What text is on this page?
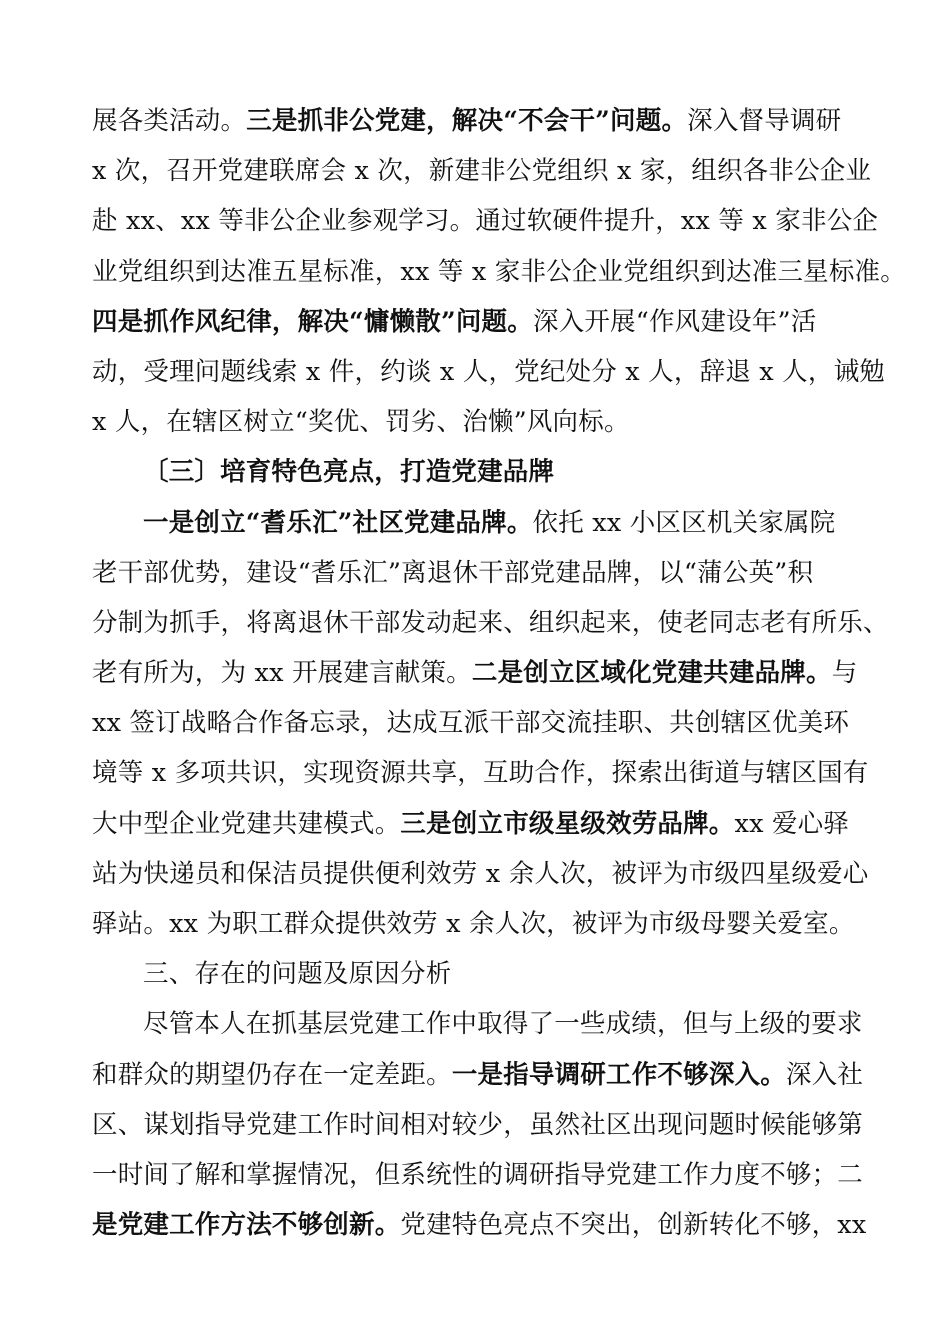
展各类活动。三是抓非公党建，解决“不会干”问题。深入督导调研
x 次，召开党建联席会 x 次，新建非公党组织 x 家，组织各非公企业
赴 xx、xx 等非公企业参观学习。通过软硬件提升，xx 等 x 家非公企
业党组织到达准五星标准，xx 等 x 家非公企业党组织到达准三星标准。
四是抓作风纪律，解决“慵懒散”问题。深入开展“作风建设年”活
动，受理问题线索 x 件，约谈 x 人，党纪处分 x 人，辞退 x 人，诫勉
x 人，在辖区树立“奖优、罚劣、治懒”风向标。
〔三〕培育特色亮点，打造党建品牌
一是创立“耆乐汇”社区党建品牌。依托 xx 小区区机关家属院
老干部优势，建设“耆乐汇”离退休干部党建品牌，以“蒲公英”积
分制为抓手，将离退休干部发动起来、组织起来，使老同志老有所乐、
老有所为，为 xx 开展建言献策。二是创立区域化党建共建品牌。与
xx 签订战略合作备忘录，达成互派干部交流挂职、共创辖区优美环
境等 x 多项共识，实现资源共享，互助合作，探索出街道与辖区国有
大中型企业党建共建模式。三是创立市级星级效劳品牌。xx 爱心驿
站为快递员和保洁员提供便利效劳 x 余人次，被评为市级四星级爱心
驿站。xx 为职工群众提供效劳 x 余人次，被评为市级母婴关爱室。
三、存在的问题及原因分析
尽管本人在抓基层党建工作中取得了一些成绩，但与上级的要求
和群众的期望仍存在一定差距。一是指导调研工作不够深入。深入社
区、谋划指导党建工作时间相对较少，虽然社区出现问题时候能够第
一时间了解和掌握情况，但系统性的调研指导党建工作力度不够；二
是党建工作方法不够创新。党建特色亮点不突出，创新转化不够，xx
